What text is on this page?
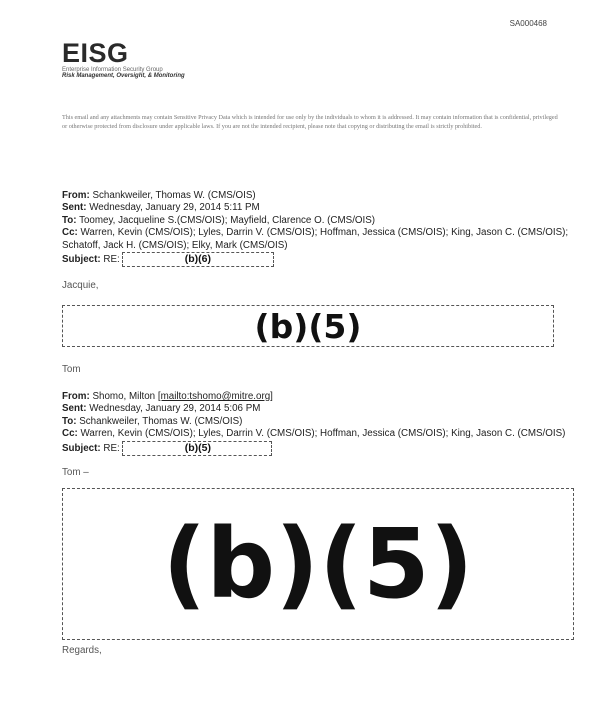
SA000468
EISG
Enterprise Information Security Group
Risk Management, Oversight, & Monitoring
This email and any attachments may contain Sensitive Privacy Data which is intended for use only by the individuals to whom it is addressed. It may contain information that is confidential, privileged or otherwise protected from disclosure under applicable laws. If you are not the intended recipient, please note that copying or distributing the email is strictly prohibited.
From: Schankweiler, Thomas W. (CMS/OIS)
Sent: Wednesday, January 29, 2014 5:11 PM
To: Toomey, Jacqueline S.(CMS/OIS); Mayfield, Clarence O. (CMS/OIS)
Cc: Warren, Kevin (CMS/OIS); Lyles, Darrin V. (CMS/OIS); Hoffman, Jessica (CMS/OIS); King, Jason C. (CMS/OIS);
Schatoff, Jack H. (CMS/OIS); Elky, Mark (CMS/OIS)
Subject: RE:	(b)(6)
Jacquie,
(b)(5)
Tom
From: Shomo, Milton [mailto:tshomo@mitre.org]
Sent: Wednesday, January 29, 2014 5:06 PM
To: Schankweiler, Thomas W. (CMS/OIS)
Cc: Warren, Kevin (CMS/OIS); Lyles, Darrin V. (CMS/OIS); Hoffman, Jessica (CMS/OIS); King, Jason C. (CMS/OIS)
Subject: RE:	(b)(5)
Tom –
(b)(5)
Regards,
